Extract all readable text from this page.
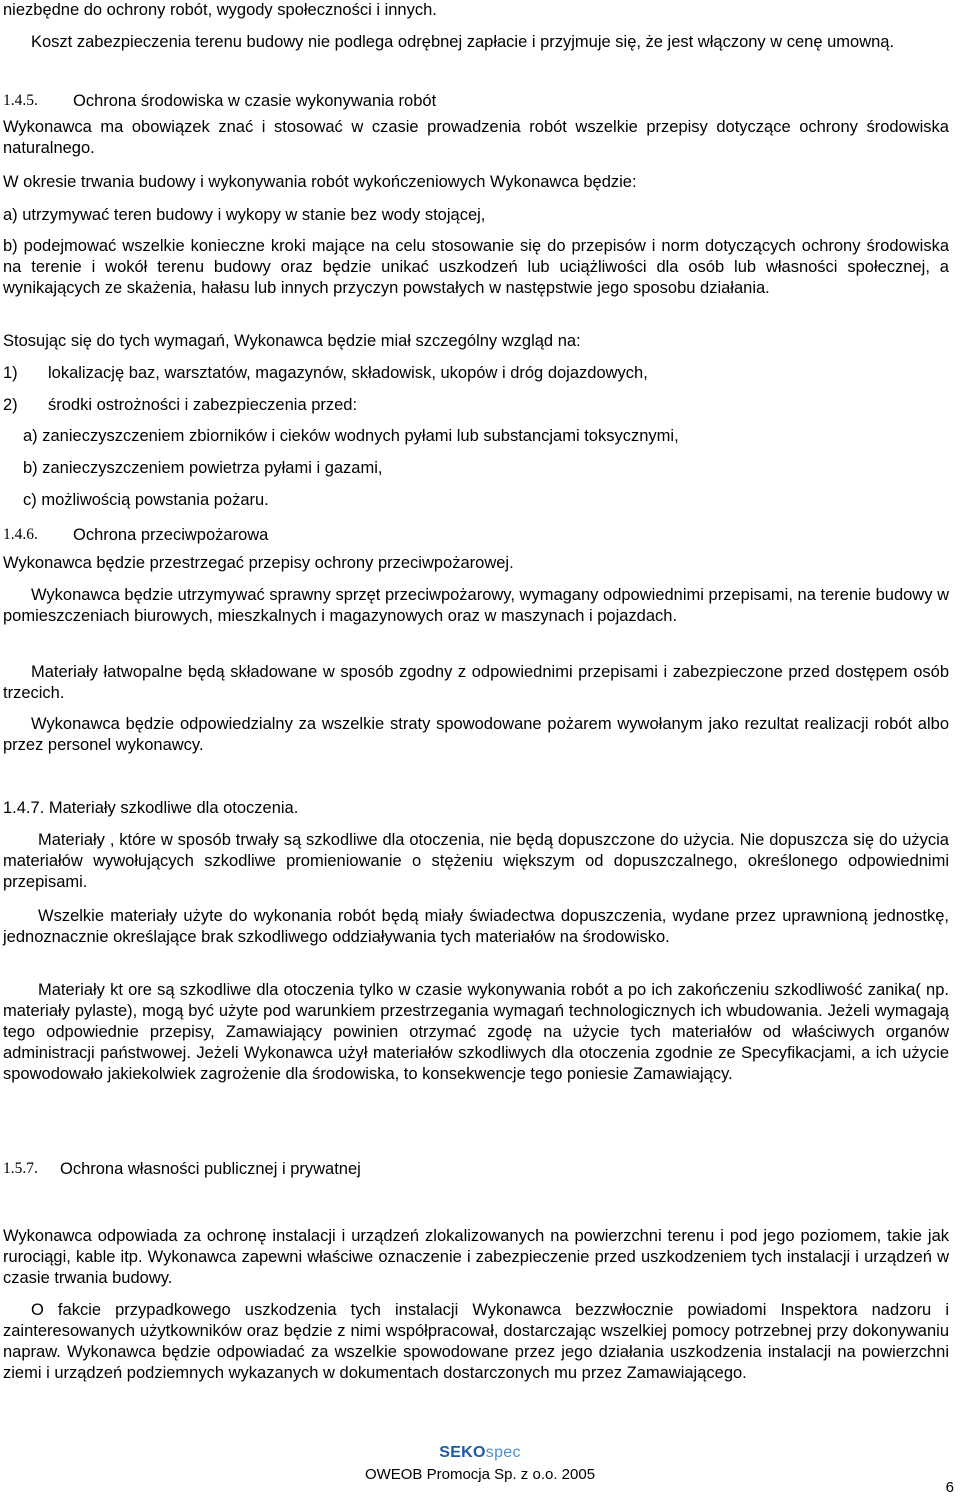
niezbędne do ochrony robót, wygody społeczności i innych.

Koszt zabezpieczenia terenu budowy nie podlega odrębnej zapłacie i przyjmuje się, że jest włączony w cenę umowną.

1.4.5.	Ochrona środowiska w czasie wykonywania robót

Wykonawca ma obowiązek znać i stosować w czasie prowadzenia robót wszelkie przepisy dotyczące ochrony środowiska naturalnego.

W okresie trwania budowy i wykonywania robót wykończeniowych Wykonawca będzie:

a) utrzymywać teren budowy i wykopy w stanie bez wody stojącej,

b) podejmować wszelkie konieczne kroki mające na celu stosowanie się do przepisów i norm dotyczących ochrony środowiska na terenie i wokół terenu budowy oraz będzie unikać uszkodzeń lub uciążliwości dla osób lub własności społecznej, a wynikających ze skażenia, hałasu lub innych przyczyn powstałych w następstwie jego sposobu działania.

Stosując się do tych wymagań, Wykonawca będzie miał szczególny wzgląd na:

1) lokalizację baz, warsztatów, magazynów, składowisk, ukopów i dróg dojazdowych,
2) środki ostrożności i zabezpieczenia przed:

a) zanieczyszczeniem zbiorników i cieków wodnych pyłami lub substancjami toksycznymi,

b) zanieczyszczeniem powietrza pyłami i gazami,

c) możliwością powstania pożaru.

1.4.6.	Ochrona przeciwpożarowa

Wykonawca będzie przestrzegać przepisy ochrony przeciwpożarowej.

Wykonawca będzie utrzymywać sprawny sprzęt przeciwpożarowy, wymagany odpowiednimi przepisami, na terenie budowy w pomieszczeniach biurowych, mieszkalnych i magazynowych oraz w maszynach i pojazdach.

Materiały łatwopalne będą składowane w sposób zgodny z odpowiednimi przepisami i zabezpieczone przed dostępem osób trzecich.

Wykonawca będzie odpowiedzialny za wszelkie straty spowodowane pożarem wywołanym jako rezultat realizacji robót albo przez personel wykonawcy.

1.4.7. Materiały szkodliwe dla otoczenia.

Materiały , które w sposób trwały są szkodliwe dla otoczenia, nie będą dopuszczone do użycia. Nie dopuszcza się do użycia materiałów wywołujących szkodliwe promieniowanie o stężeniu większym od dopuszczalnego, określonego odpowiednimi przepisami.

Wszelkie materiały użyte do wykonania robót będą miały świadectwa dopuszczenia, wydane przez uprawnioną jednostkę, jednoznacznie określające brak szkodliwego oddziaływania tych materiałów na środowisko.

Materiały kt ore są szkodliwe dla otoczenia tylko w czasie wykonywania robót a po ich zakończeniu szkodliwość zanika( np. materiały pylaste), mogą być użyte pod warunkiem przestrzegania wymagań technologicznych ich wbudowania. Jeżeli wymagają tego odpowiednie przepisy, Zamawiający powinien otrzymać zgodę na użycie tych materiałów od właściwych organów administracji państwowej. Jeżeli Wykonawca użył materiałów szkodliwych dla otoczenia zgodnie ze Specyfikacjami, a ich użycie spowodowało jakiekolwiek zagrożenie dla środowiska, to konsekwencje tego poniesie Zamawiający.

1.5.7.	Ochrona własności publicznej i prywatnej

Wykonawca odpowiada za ochronę instalacji i urządzeń zlokalizowanych na powierzchni terenu i pod jego poziomem, takie jak rurociągi, kable itp. Wykonawca zapewni właściwe oznaczenie i zabezpieczenie przed uszkodzeniem tych instalacji i urządzeń w czasie trwania budowy.

O fakcie przypadkowego uszkodzenia tych instalacji Wykonawca bezzwłocznie powiadomi Inspektora nadzoru i zainteresowanych użytkowników oraz będzie z nimi współpracował, dostarczając wszelkiej pomocy potrzebnej przy dokonywaniu napraw. Wykonawca będzie odpowiadać za wszelkie spowodowane przez jego działania uszkodzenia instalacji na powierzchni ziemi i urządzeń podziemnych wykazanych w dokumentach dostarczonych mu przez Zamawiającego.

SEKOspec
OWEOB Promocja Sp. z o.o. 2005
6
